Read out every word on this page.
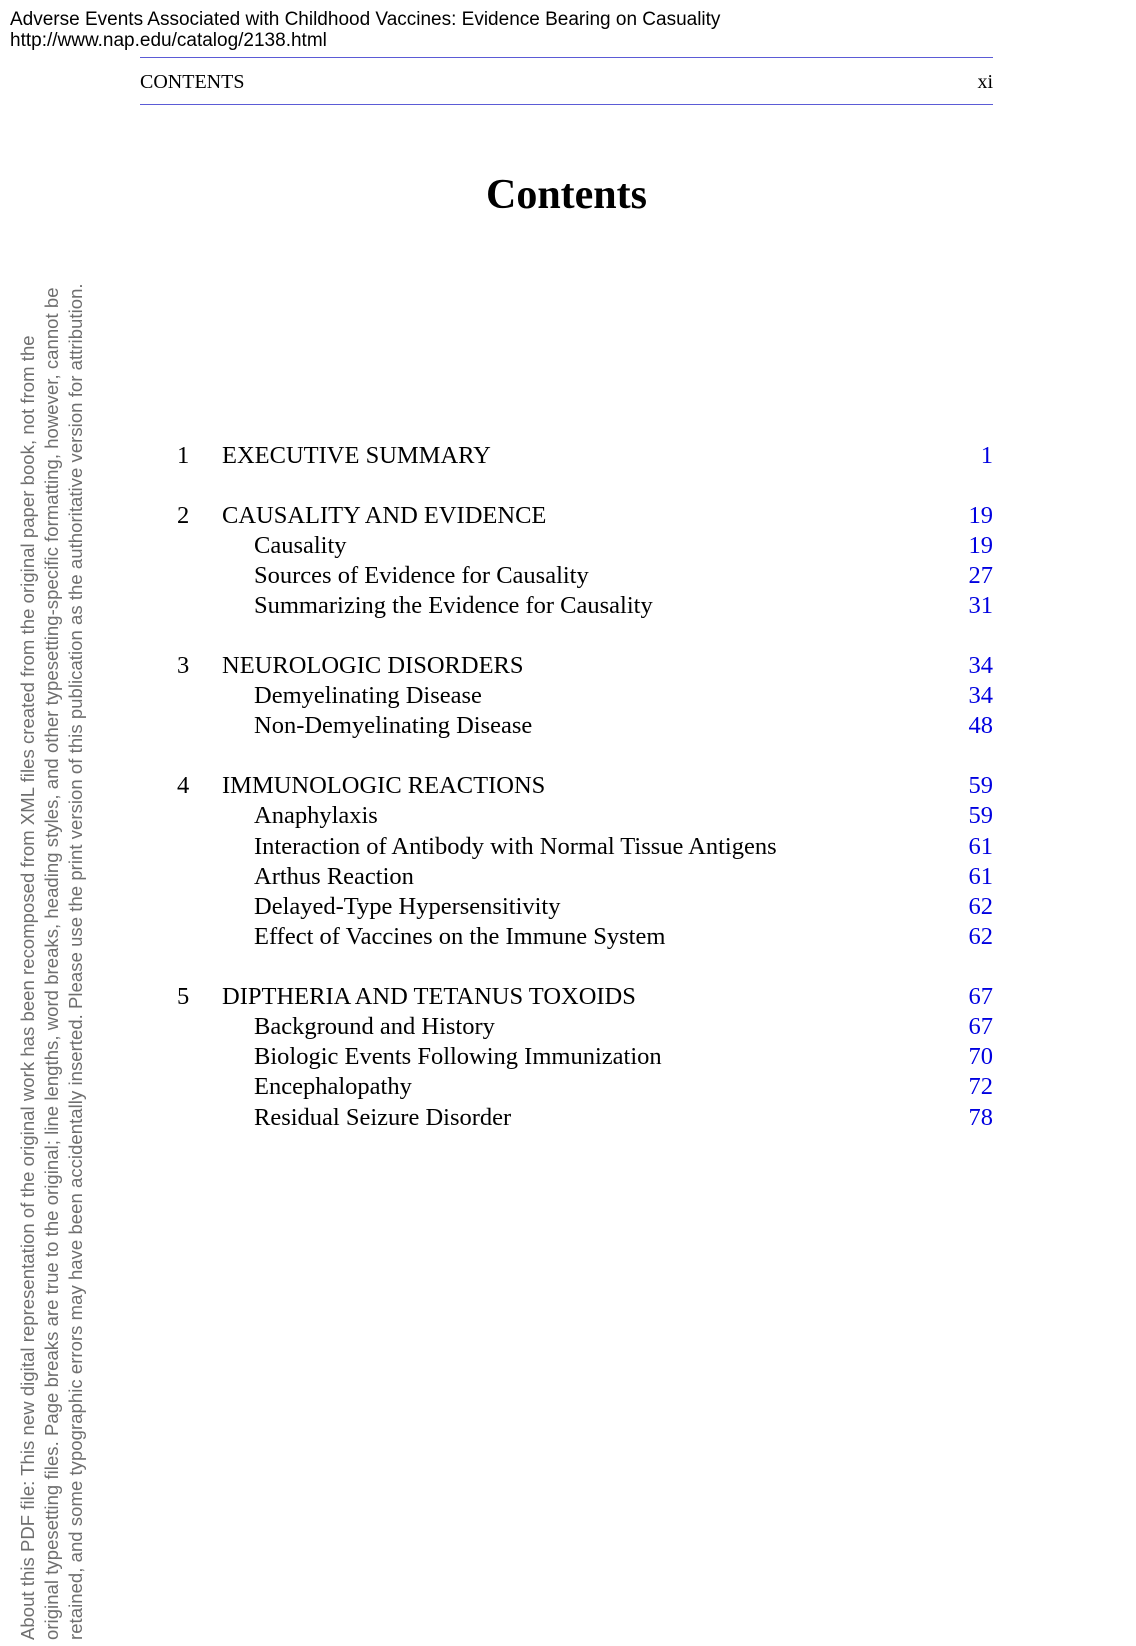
Adverse Events Associated with Childhood Vaccines: Evidence Bearing on Casuality
http://www.nap.edu/catalog/2138.html
About this PDF file: This new digital representation of the original work has been recomposed from XML files created from the original paper book, not from the original typesetting files. Page breaks are true to the original; line lengths, word breaks, heading styles, and other typesetting-specific formatting, however, cannot be retained, and some typographic errors may have been accidentally inserted. Please use the print version of this publication as the authoritative version for attribution.
CONTENTS	xi
Contents
1 EXECUTIVE SUMMARY	1
2 CAUSALITY AND EVIDENCE	19
Causality	19
Sources of Evidence for Causality	27
Summarizing the Evidence for Causality	31
3 NEUROLOGIC DISORDERS	34
Demyelinating Disease	34
Non-Demyelinating Disease	48
4 IMMUNOLOGIC REACTIONS	59
Anaphylaxis	59
Interaction of Antibody with Normal Tissue Antigens	61
Arthus Reaction	61
Delayed-Type Hypersensitivity	62
Effect of Vaccines on the Immune System	62
5 DIPTHERIA AND TETANUS TOXOIDS	67
Background and History	67
Biologic Events Following Immunization	70
Encephalopathy	72
Residual Seizure Disorder	78
